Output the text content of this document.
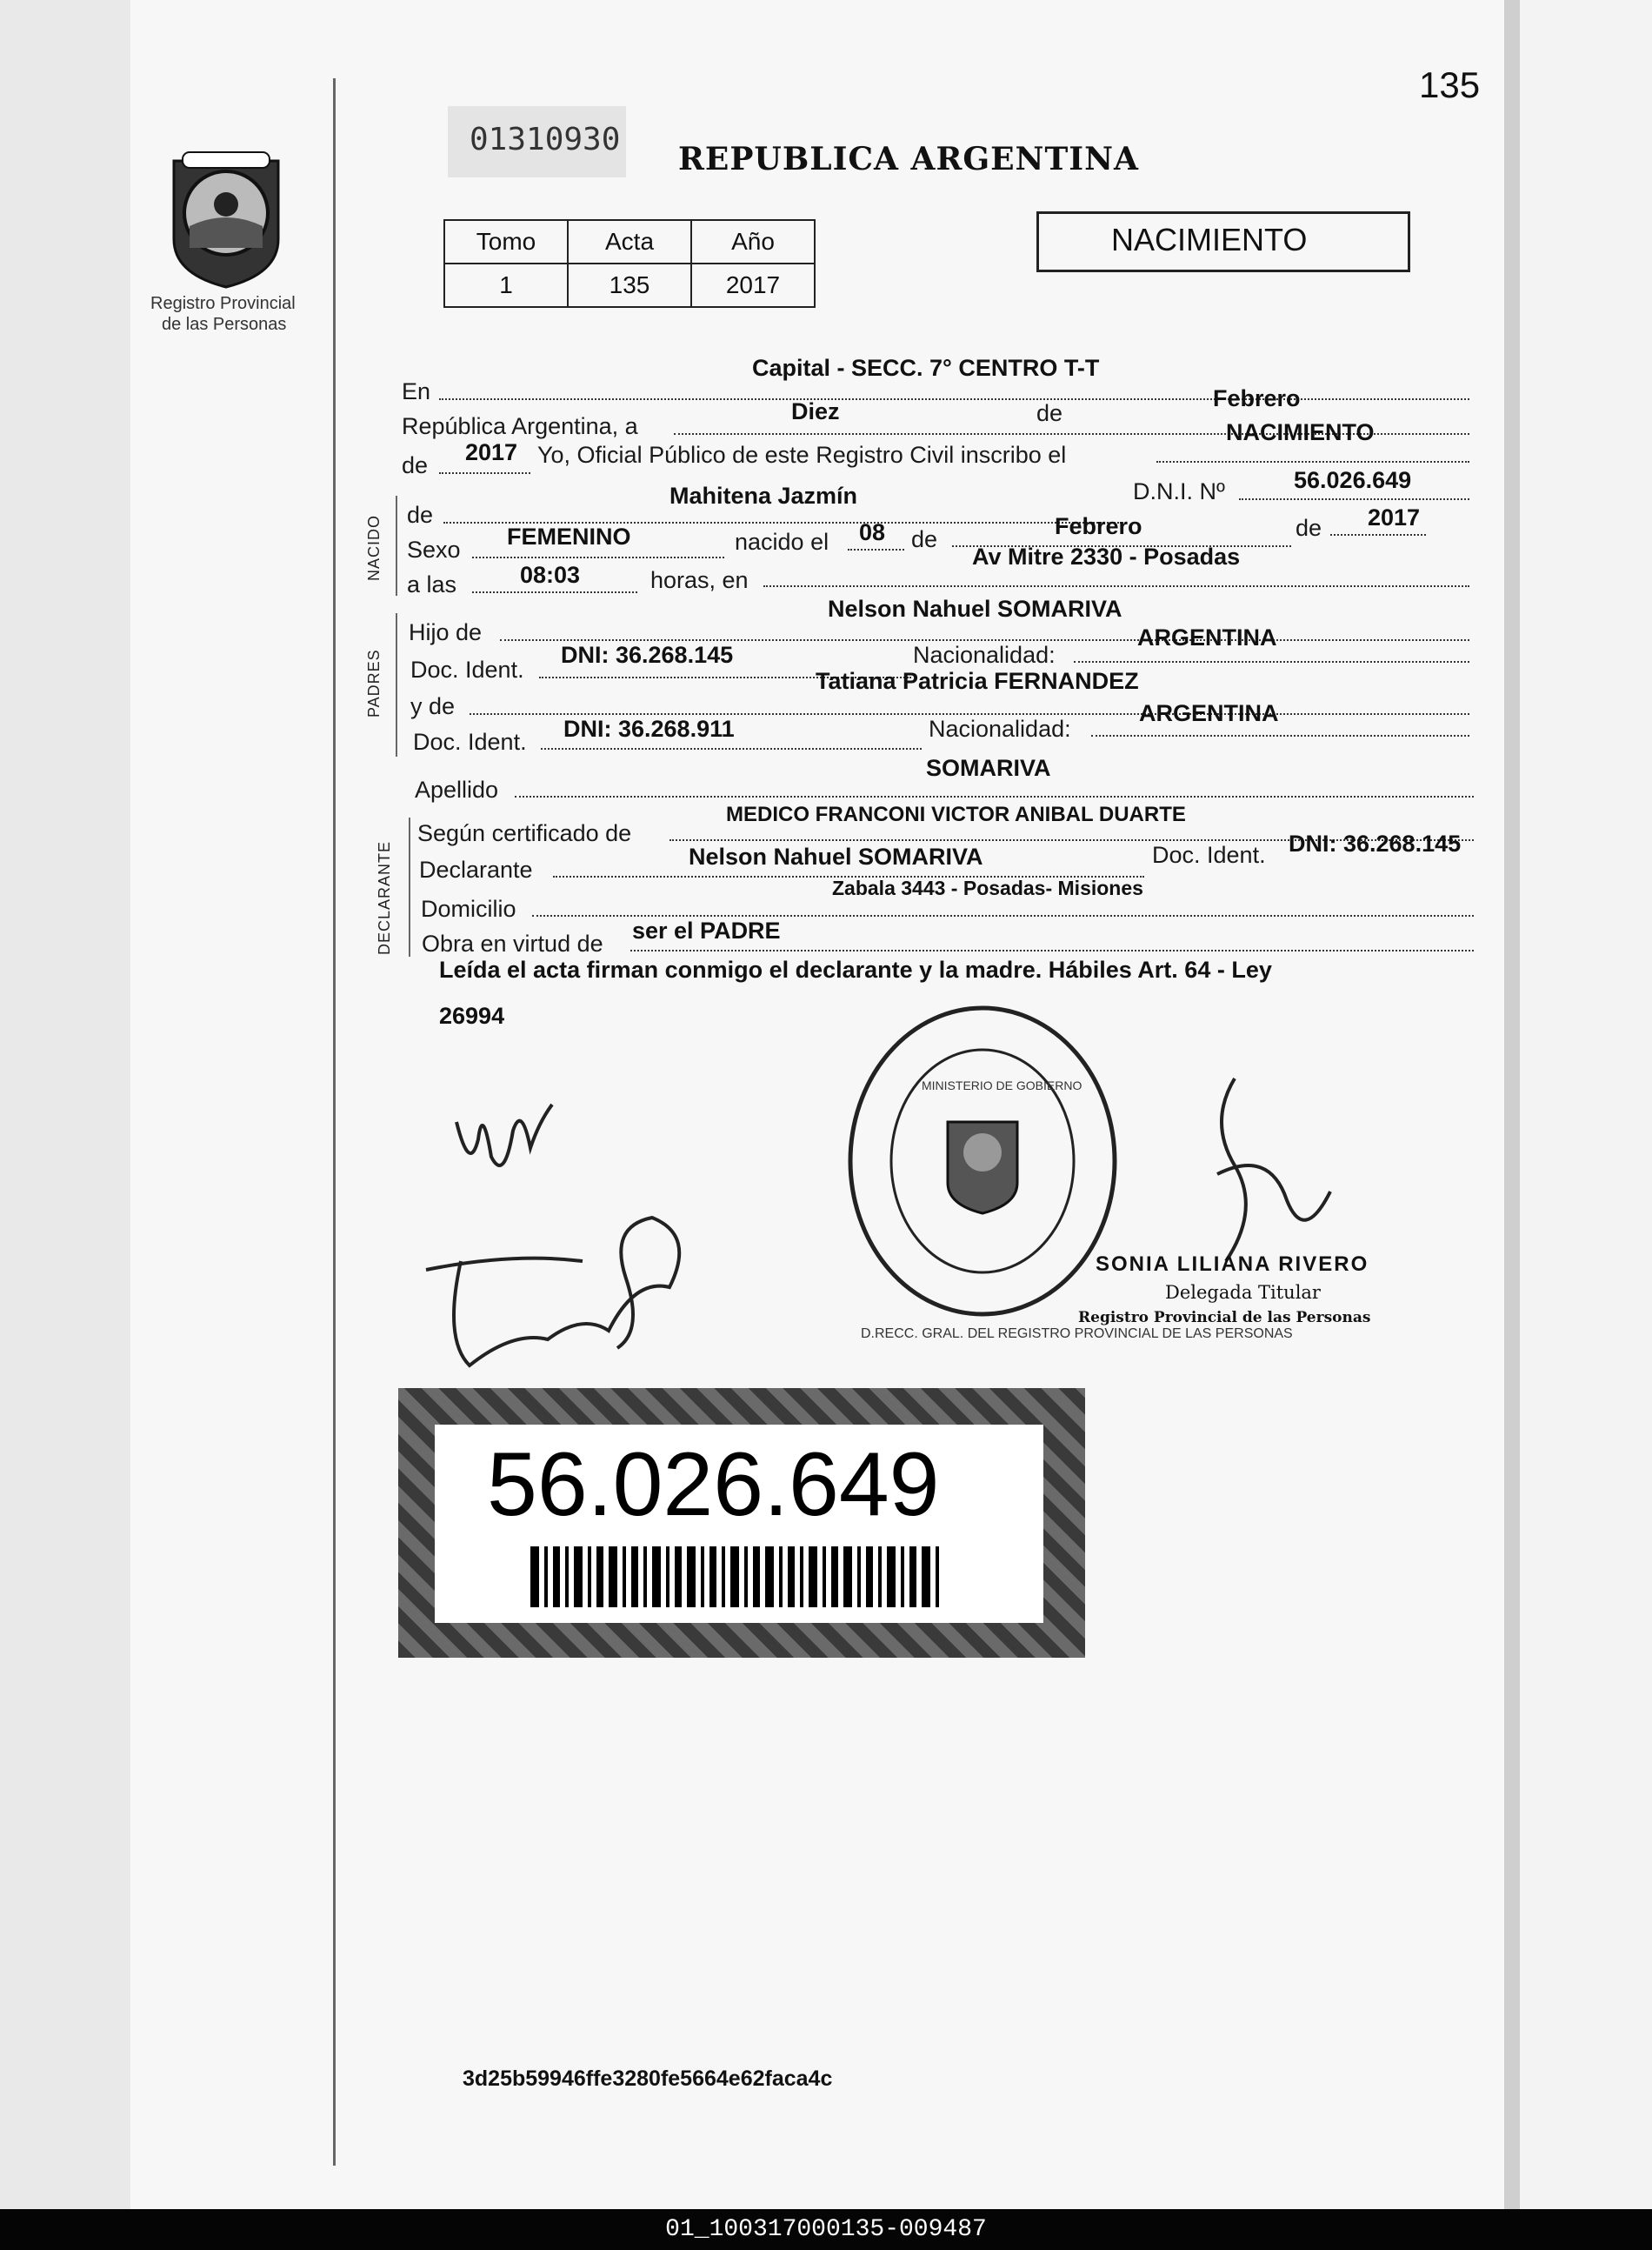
135
Registro Provincial
de las Personas
01310930
REPUBLICA ARGENTINA
NACIMIENTO
Tomo	Acta	Año
1	135	2017
NACIDO
PADRES
DECLARANTE
En
Capital - SECC. 7° CENTRO T-T
República Argentina, a
Diez	de
Febrero
de 2017 Yo, Oficial Público de este Registro Civil inscribo el
NACIMIENTO
de
Mahitena Jazmín	D.N.I. Nº	56.026.649
Sexo FEMENINO	nacido el 08 de	Febrero	de 2017
a las	08:03	horas, en
Av Mitre 2330 - Posadas
Hijo de
Nelson Nahuel SOMARIVA
Doc. Ident.
DNI: 36.268.145	Nacionalidad:
ARGENTINA
y de
Tatiana Patricia FERNANDEZ
Doc. Ident. DNI: 36.268.911	Nacionalidad:
ARGENTINA
Apellido
SOMARIVA
Según certificado de
MEDICO FRANCONI VICTOR ANIBAL DUARTE
Declarante	Nelson Nahuel SOMARIVA	Doc. Ident. DNI: 36.268.145
Domicilio
Zabala 3443 - Posadas- Misiones
Obra en virtud de ser el PADRE
Leída el acta firman conmigo el declarante y la madre. Hábiles Art. 64 - Ley
26994
D.RECC. GRAL. DEL REGISTRO PROVINCIAL DE LAS PERSONAS
MINISTERIO DE GOBIERNO
SONIA LILIANA RIVERO
Delegada Titular
Registro Provincial de las Personas
56.026.649
3d25b59946ffe3280fe5664e62faca4c
01_100317000135-009487
